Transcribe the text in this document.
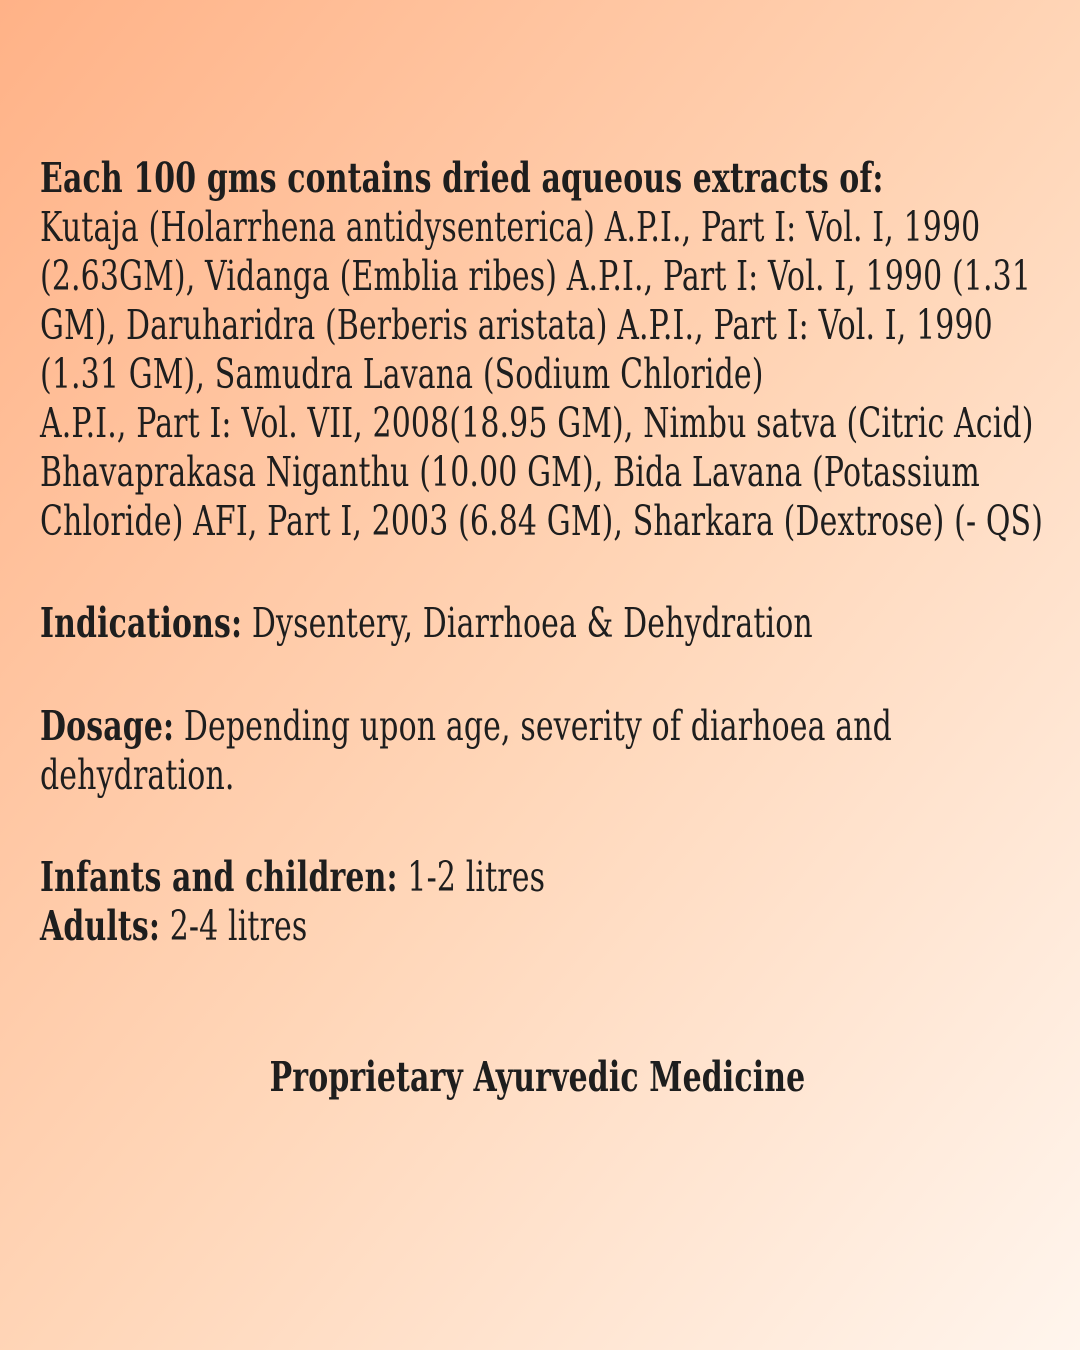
Each 100 gms contains dried aqueous extracts of:
Kutaja (Holarrhena antidysenterica) A.P.I., Part I: Vol. I, 1990
(2.63GM), Vidanga (Emblia ribes) A.P.I., Part I: Vol. I, 1990 (1.31
GM), Daruharidra (Berberis aristata) A.P.I., Part I: Vol. I, 1990
(1.31 GM), Samudra Lavana (Sodium Chloride)
A.P.I., Part I: Vol. VII, 2008(18.95 GM), Nimbu satva (Citric Acid)
Bhavaprakasa Niganthu (10.00 GM), Bida Lavana (Potassium
Chloride) AFI, Part I, 2003 (6.84 GM), Sharkara (Dextrose) (- QS)
Indications: Dysentery, Diarrhoea & Dehydration
Dosage: Depending upon age, severity of diarhoea and
dehydration.
Infants and children: 1-2 litres
Adults: 2-4 litres
Proprietary Ayurvedic Medicine
